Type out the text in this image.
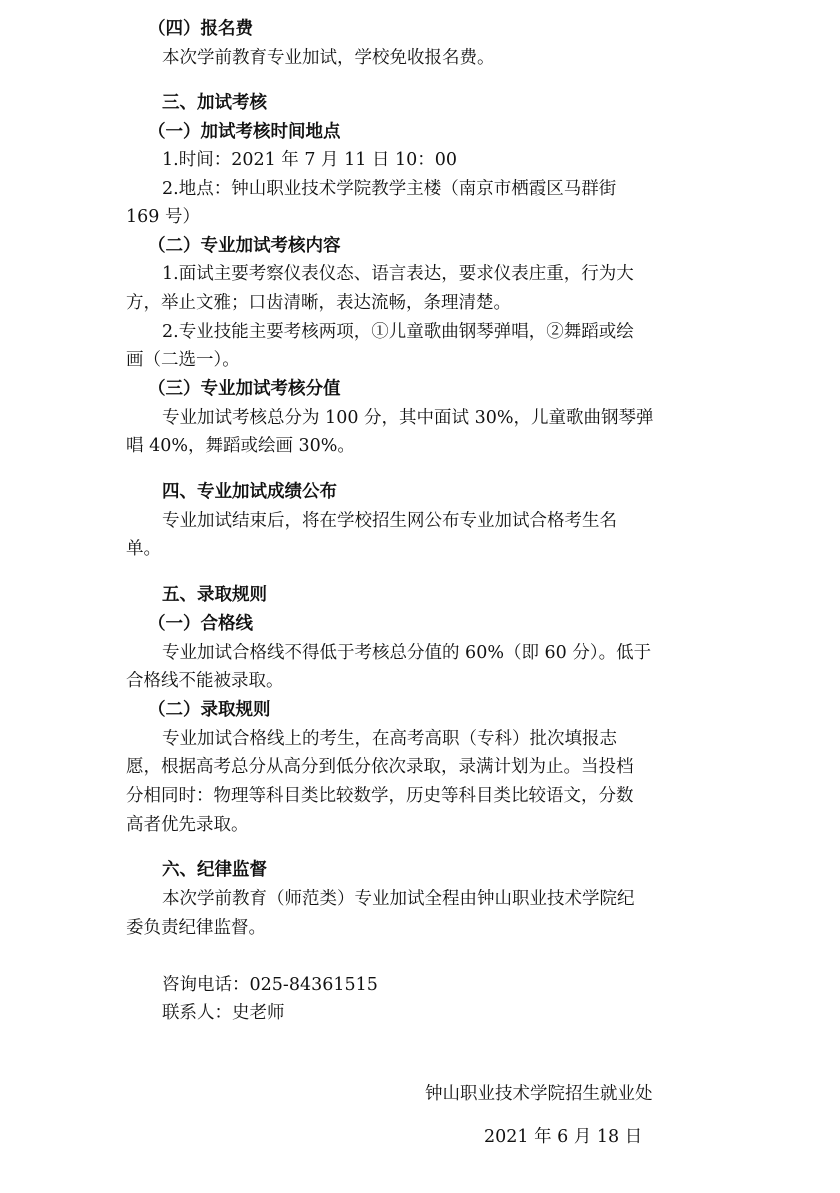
（四）报名费
本次学前教育专业加试，学校免收报名费。
三、加试考核
（一）加试考核时间地点
1.时间：2021 年 7 月 11 日 10：00
2.地点：钟山职业技术学院教学主楼（南京市栖霞区马群街
169 号）
（二）专业加试考核内容
1.面试主要考察仪表仪态、语言表达，要求仪表庄重，行为大
方，举止文雅；口齿清晰，表达流畅，条理清楚。
2.专业技能主要考核两项，①儿童歌曲钢琴弹唱，②舞蹈或绘
画（二选一）。
（三）专业加试考核分值
专业加试考核总分为 100 分，其中面试 30%，儿童歌曲钢琴弹
唱 40%，舞蹈或绘画 30%。
四、专业加试成绩公布
专业加试结束后，将在学校招生网公布专业加试合格考生名
单。
五、录取规则
（一）合格线
专业加试合格线不得低于考核总分值的 60%（即 60 分）。低于
合格线不能被录取。
（二）录取规则
专业加试合格线上的考生，在高考高职（专科）批次填报志
愿，根据高考总分从高分到低分依次录取，录满计划为止。当投档
分相同时：物理等科目类比较数学，历史等科目类比较语文，分数
高者优先录取。
六、纪律监督
本次学前教育（师范类）专业加试全程由钟山职业技术学院纪
委负责纪律监督。
咨询电话：025-84361515
联系人：史老师
钟山职业技术学院招生就业处
2021 年 6 月 18 日
